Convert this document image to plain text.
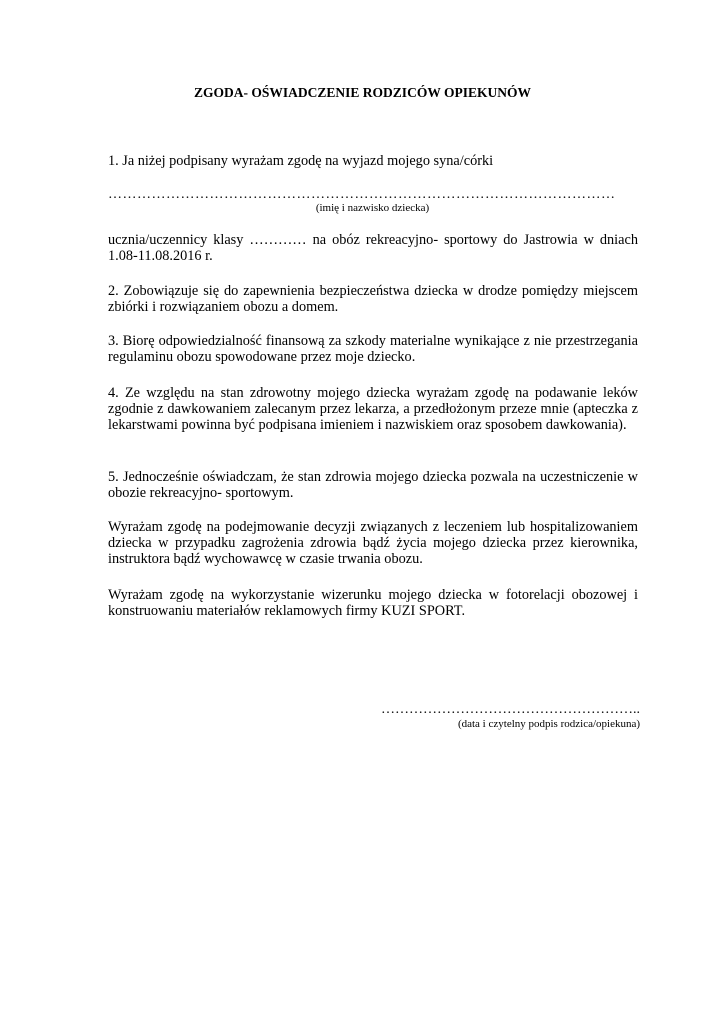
ZGODA- OŚWIADCZENIE RODZICÓW OPIEKUNÓW
1. Ja niżej podpisany wyrażam zgodę na wyjazd mojego syna/córki
……………………………………………………………………………………………
(imię i nazwisko dziecka)
ucznia/uczennicy klasy ………… na obóz rekreacyjno- sportowy do Jastrowia w dniach 1.08-11.08.2016 r.
2. Zobowiązuje się do zapewnienia bezpieczeństwa dziecka w drodze pomiędzy miejscem zbiórki i rozwiązaniem obozu a domem.
3. Biorę odpowiedzialność finansową za szkody materialne wynikające z nie przestrzegania regulaminu obozu spowodowane przez moje dziecko.
4. Ze względu na stan zdrowotny mojego dziecka wyrażam zgodę na podawanie leków zgodnie z dawkowaniem zalecanym przez lekarza, a przedłożonym przeze mnie (apteczka z lekarstwami powinna być podpisana imieniem i nazwiskiem oraz sposobem dawkowania).
5. Jednocześnie oświadczam, że stan zdrowia mojego dziecka pozwala na uczestniczenie w obozie rekreacyjno- sportowym.
Wyrażam zgodę na podejmowanie decyzji związanych z leczeniem lub hospitalizowaniem dziecka w przypadku zagrożenia zdrowia bądź życia mojego dziecka przez kierownika, instruktora bądź wychowawcę w czasie trwania obozu.
Wyrażam zgodę na wykorzystanie wizerunku mojego dziecka w fotorelacji obozowej i konstruowaniu materiałów reklamowych firmy KUZI SPORT.
………………………………………………..
(data i czytelny podpis rodzica/opiekuna)
